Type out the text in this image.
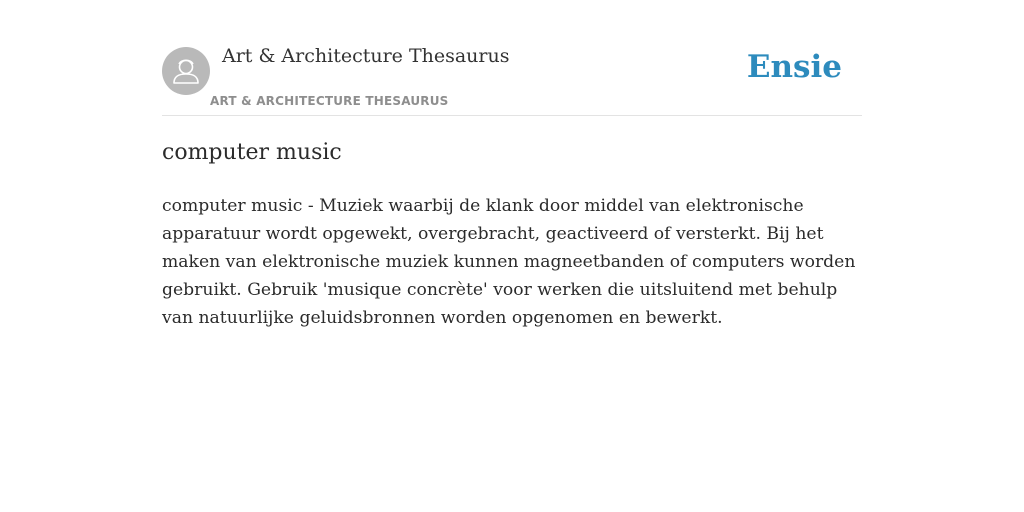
Art & Architecture Thesaurus
ART & ARCHITECTURE THESAURUS
Ensie
computer music

computer music - Muziek waarbij de klank door middel van elektronische apparatuur wordt opgewekt, overgebracht, geactiveerd of versterkt. Bij het maken van elektronische muziek kunnen magneetbanden of computers worden gebruikt. Gebruik 'musique concrète' voor werken die uitsluitend met behulp van natuurlijke geluidsbronnen worden opgenomen en bewerkt.
